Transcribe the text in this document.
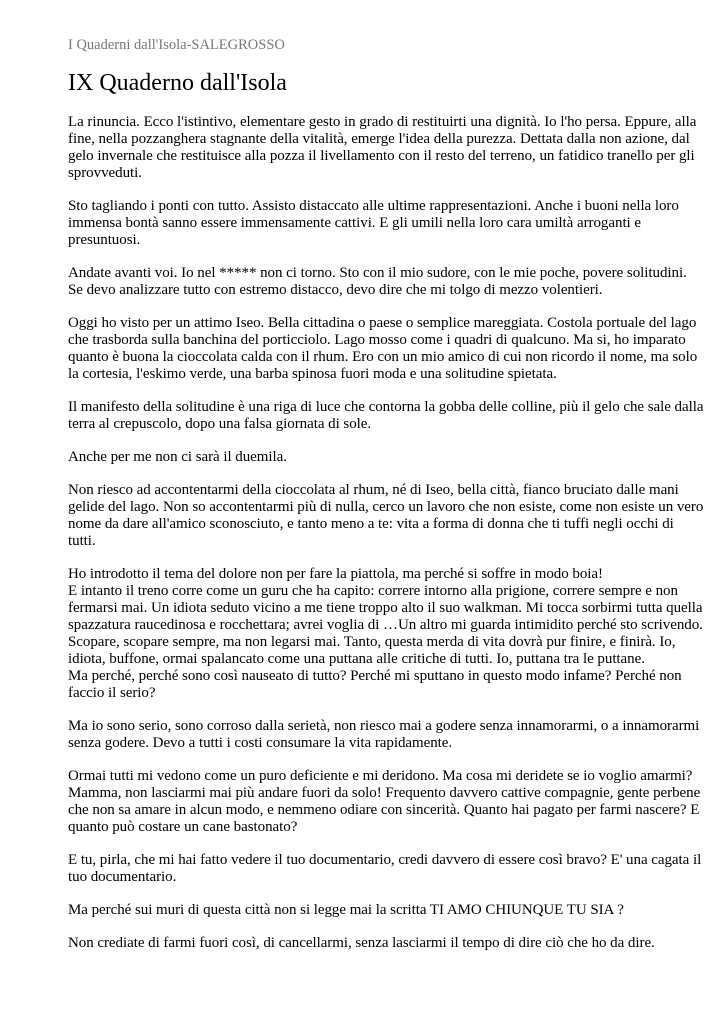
I Quaderni dall'Isola-SALEGROSSO

IX Quaderno dall'Isola

La rinuncia. Ecco l'istintivo, elementare gesto in grado di restituirti una dignità. Io l'ho persa. Eppure, alla fine, nella pozzanghera stagnante della vitalità, emerge l'idea della purezza. Dettata dalla non azione, dal gelo invernale che restituisce alla pozza il livellamento con il resto del terreno, un fatidico tranello per gli sprovveduti.

Sto tagliando i ponti con tutto. Assisto distaccato alle ultime rappresentazioni. Anche i buoni nella loro immensa bontà sanno essere immensamente cattivi. E gli umili nella loro cara umiltà arroganti e presuntuosi.

Andate avanti voi. Io nel ***** non ci torno. Sto con il mio sudore, con le mie poche, povere solitudini. Se devo analizzare tutto con estremo distacco, devo dire che mi tolgo di mezzo volentieri.

Oggi ho visto per un attimo Iseo. Bella cittadina o paese o semplice mareggiata. Costola portuale del lago che trasborda sulla banchina del porticciolo. Lago mosso come i quadri di qualcuno. Ma si, ho imparato quanto è buona la cioccolata calda con il rhum. Ero con un mio amico di cui non ricordo il nome, ma solo la cortesia, l'eskimo verde, una barba spinosa fuori moda e una solitudine spietata.

Il manifesto della solitudine è una riga di luce che contorna la gobba delle colline, più il gelo che sale dalla terra al crepuscolo, dopo una falsa giornata di sole.

Anche per me non ci sarà il duemila.

Non riesco ad accontentarmi della cioccolata al rhum, né di Iseo, bella città, fianco bruciato dalle mani gelide del lago. Non so accontentarmi più di nulla, cerco un lavoro che non esiste, come non esiste un vero nome da dare all'amico sconosciuto, e tanto meno a te: vita a forma di donna che ti tuffi negli occhi di tutti.

Ho introdotto il tema del dolore non per fare la piattola, ma perché si soffre in modo boia!

E intanto il treno corre come un guru che ha capito: correre intorno alla prigione, correre sempre e non fermarsi mai. Un idiota seduto vicino a me tiene troppo alto il suo walkman. Mi tocca sorbirmi tutta quella spazzatura raucedinosa e rocchettara; avrei voglia di …Un altro mi guarda intimidito perché sto scrivendo. Scopare, scopare sempre, ma non legarsi mai. Tanto, questa merda di vita dovrà pur finire, e finirà. Io, idiota, buffone, ormai spalancato come una puttana alle critiche di tutti. Io, puttana tra le puttane.

Ma perché, perché sono così nauseato di tutto? Perché mi sputtano in questo modo infame? Perché non faccio il serio?

Ma io sono serio, sono corroso dalla serietà, non riesco mai a godere senza innamorarmi, o a innamorarmi senza godere. Devo a tutti i costi consumare la vita rapidamente.

Ormai tutti mi vedono come un puro deficiente e mi deridono. Ma cosa mi deridete se io voglio amarmi? Mamma, non lasciarmi mai più andare fuori da solo! Frequento davvero cattive compagnie, gente perbene che non sa amare in alcun modo, e nemmeno odiare con sincerità. Quanto hai pagato per farmi nascere? E quanto può costare un cane bastonato?

E tu, pirla, che mi hai fatto vedere il tuo documentario, credi davvero di essere così bravo? E' una cagata il tuo documentario.

Ma perché sui muri di questa città non si legge mai la scritta TI AMO CHIUNQUE TU SIA ?

Non crediate di farmi fuori così, di cancellarmi, senza lasciarmi il tempo di dire ciò che ho da dire.
